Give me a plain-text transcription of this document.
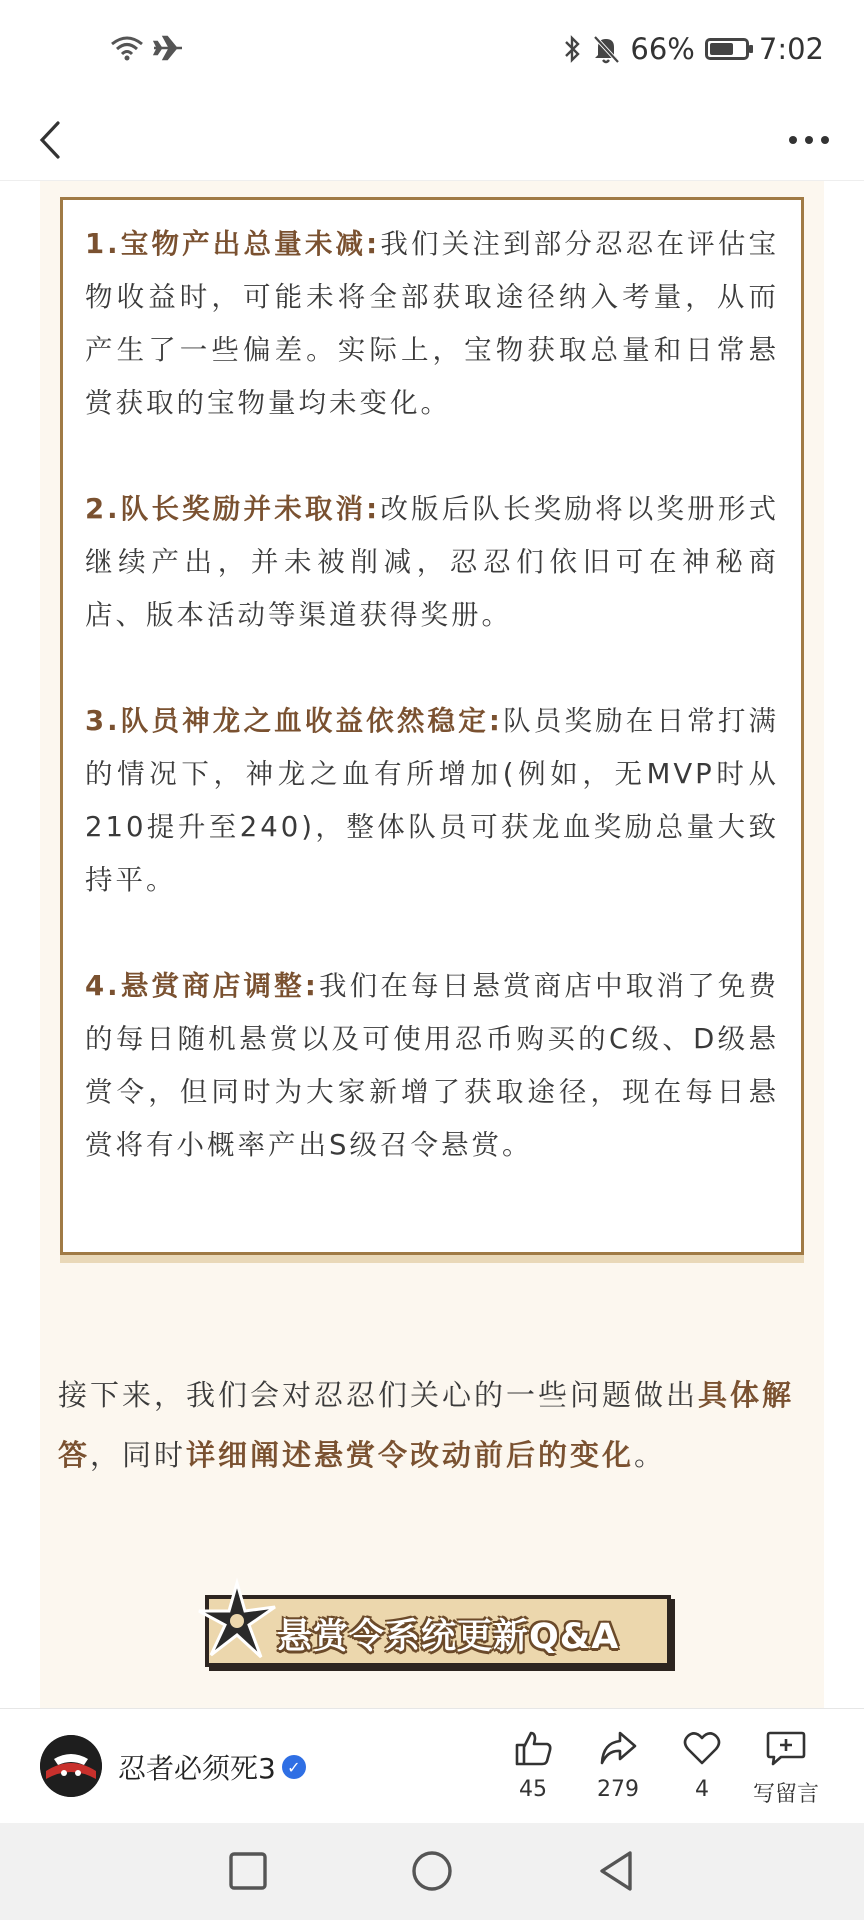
66% 7:02

1.宝物产出总量未减:我们关注到部分忍忍在评估宝物收益时，可能未将全部获取途径纳入考量，从而产生了一些偏差。实际上，宝物获取总量和日常悬赏获取的宝物量均未变化。

2.队长奖励并未取消:改版后队长奖励将以奖册形式继续产出，并未被削减，忍忍们依旧可在神秘商店、版本活动等渠道获得奖册。

3.队员神龙之血收益依然稳定:队员奖励在日常打满的情况下，神龙之血有所增加(例如，无MVP时从210提升至240)，整体队员可获龙血奖励总量大致持平。

4.悬赏商店调整:我们在每日悬赏商店中取消了免费的每日随机悬赏以及可使用忍币购买的C级、D级悬赏令，但同时为大家新增了获取途径，现在每日悬赏将有小概率产出S级召令悬赏。

接下来，我们会对忍忍们关心的一些问题做出具体解答，同时详细阐述悬赏令改动前后的变化。

悬赏令系统更新Q&A
忍者必须死3 ✓
45	279	4	写留言
